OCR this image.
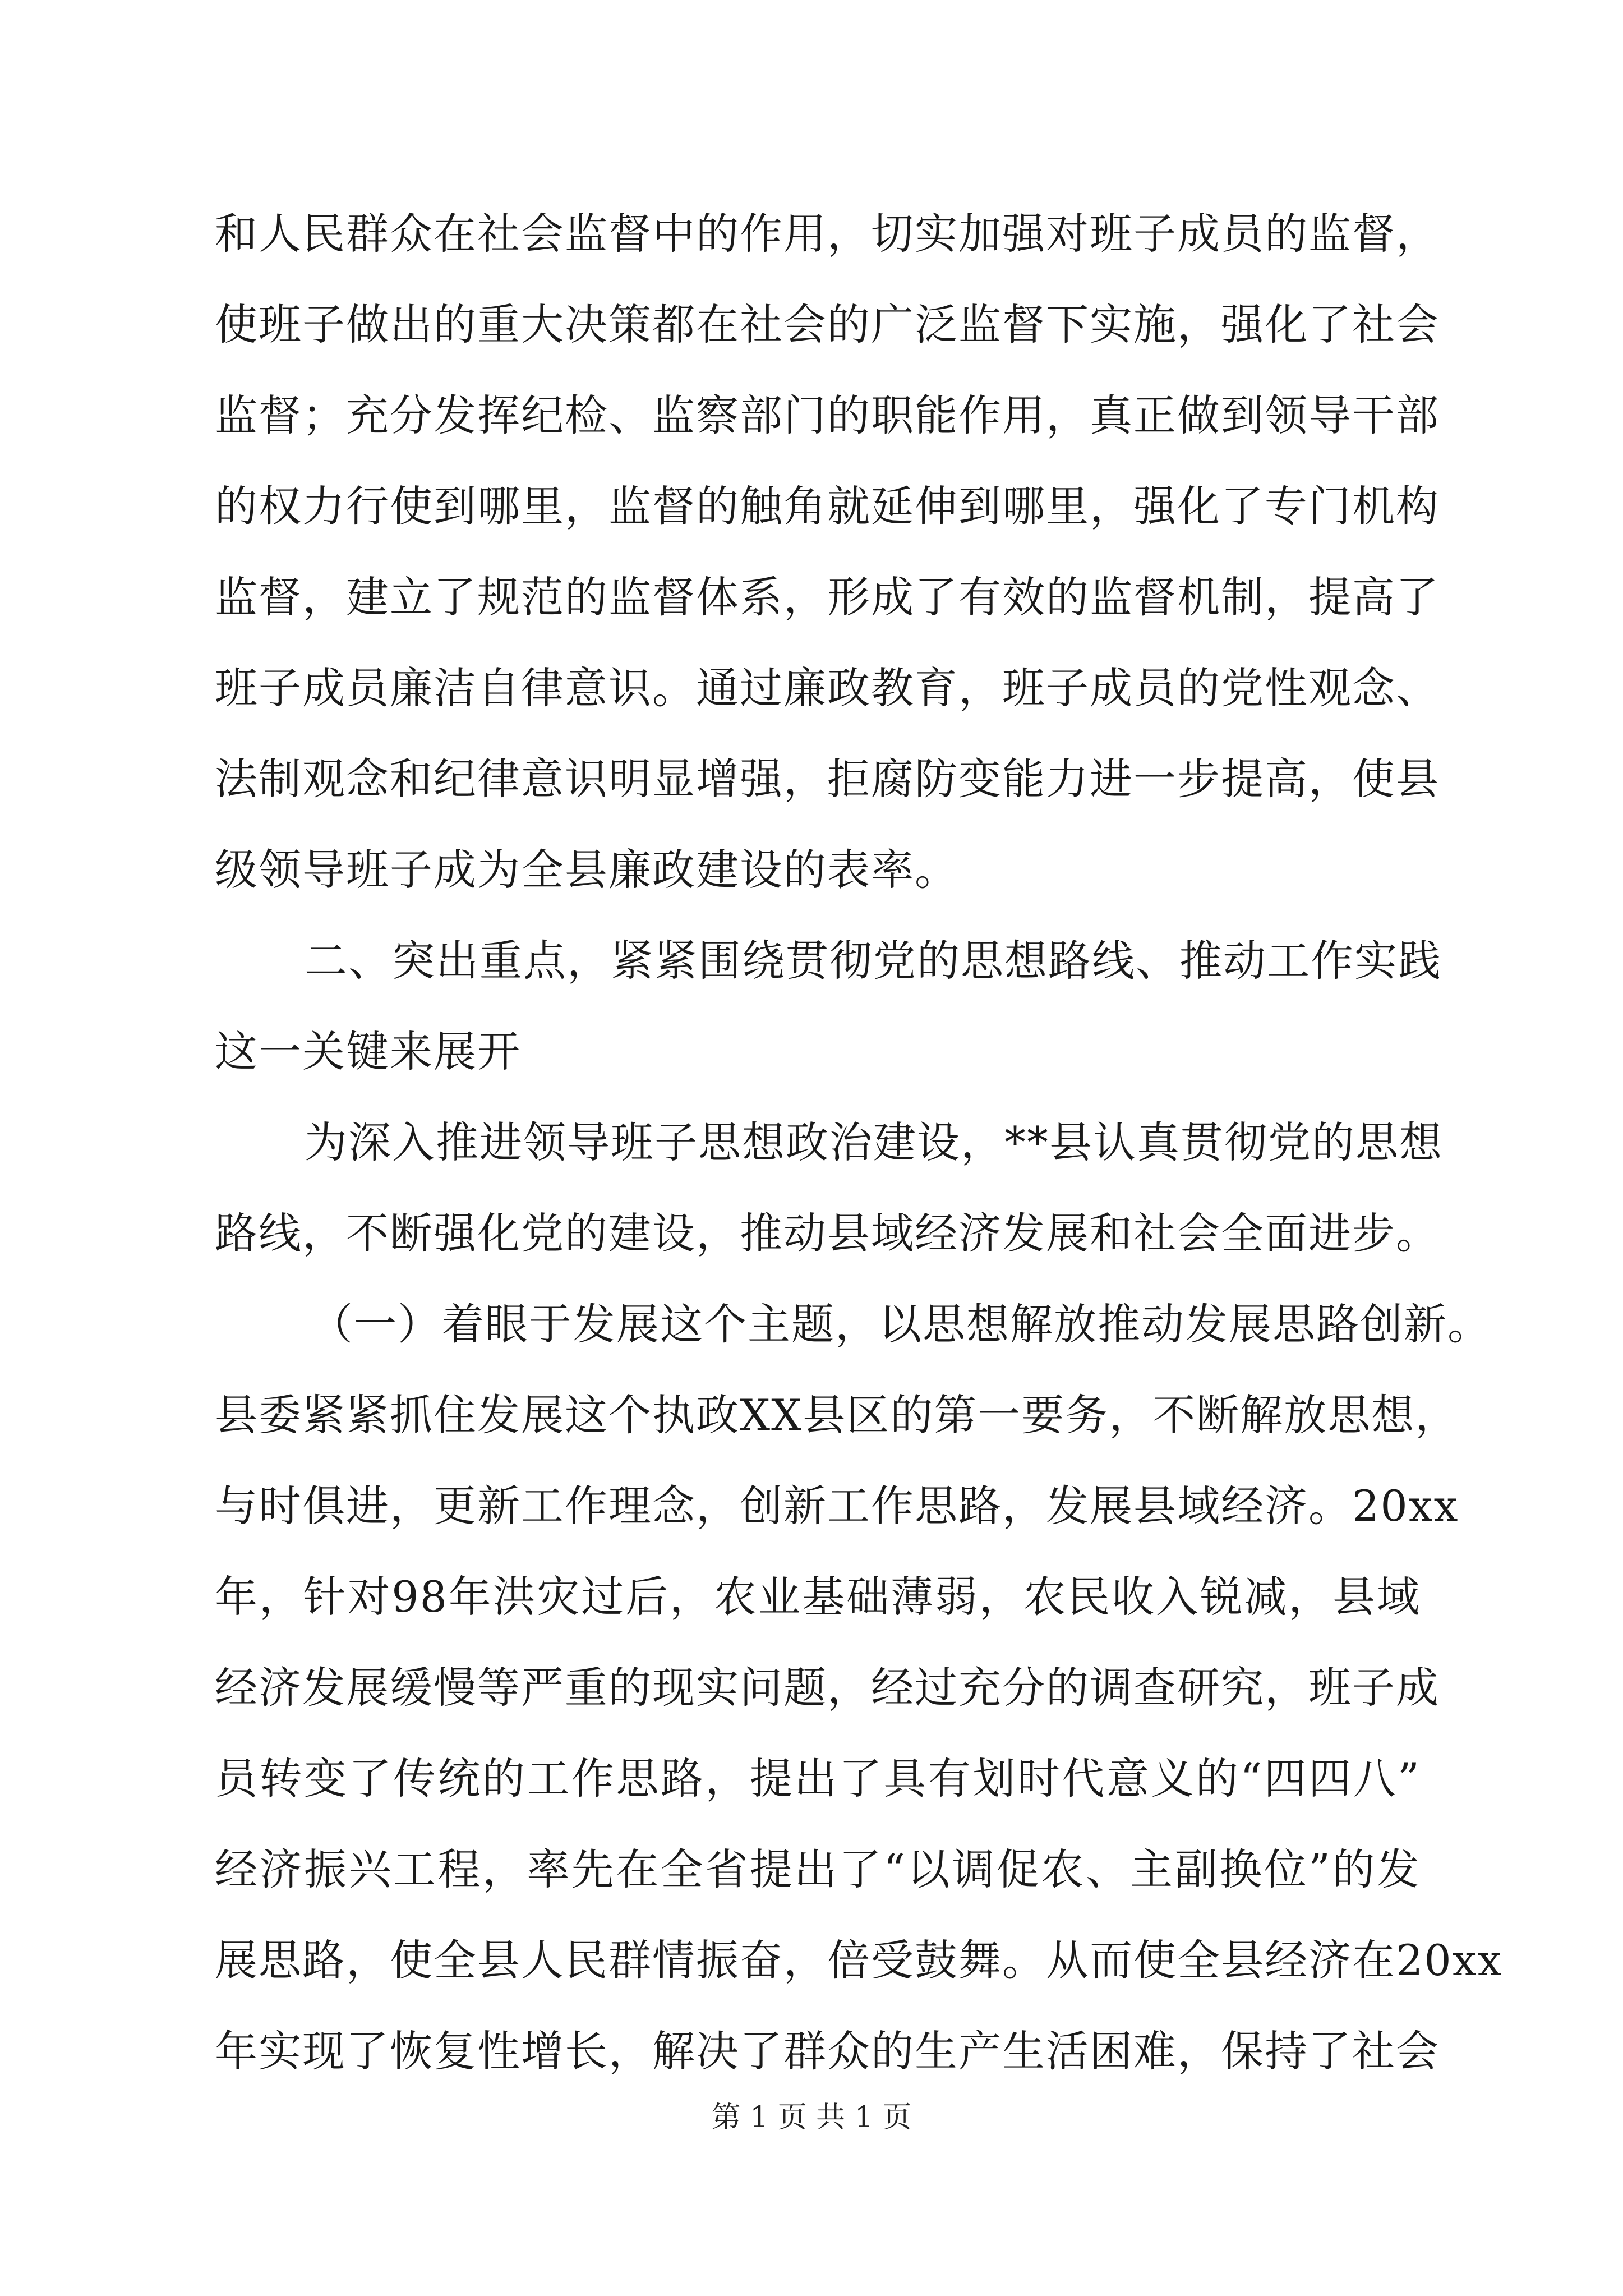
和人民群众在社会监督中的作用，切实加强对班子成员的监督，
使班子做出的重大决策都在社会的广泛监督下实施，强化了社会
监督；充分发挥纪检、监察部门的职能作用，真正做到领导干部
的权力行使到哪里，监督的触角就延伸到哪里，强化了专门机构
监督，建立了规范的监督体系，形成了有效的监督机制，提高了
班子成员廉洁自律意识。通过廉政教育，班子成员的党性观念、
法制观念和纪律意识明显增强，拒腐防变能力进一步提高，使县
级领导班子成为全县廉政建设的表率。
二、突出重点，紧紧围绕贯彻党的思想路线、推动工作实践
这一关键来展开
为深入推进领导班子思想政治建设，**县认真贯彻党的思想
路线，不断强化党的建设，推动县域经济发展和社会全面进步。
（一）着眼于发展这个主题，以思想解放推动发展思路创新。
县委紧紧抓住发展这个执政XX县区的第一要务，不断解放思想，
与时俱进，更新工作理念，创新工作思路，发展县域经济。20xx
年，针对98年洪灾过后，农业基础薄弱，农民收入锐减，县域
经济发展缓慢等严重的现实问题，经过充分的调查研究，班子成
员转变了传统的工作思路，提出了具有划时代意义的“四四八”
经济振兴工程，率先在全省提出了“以调促农、主副换位”的发
展思路，使全县人民群情振奋，倍受鼓舞。从而使全县经济在20xx
年实现了恢复性增长，解决了群众的生产生活困难，保持了社会
第 1 页 共 1 页
